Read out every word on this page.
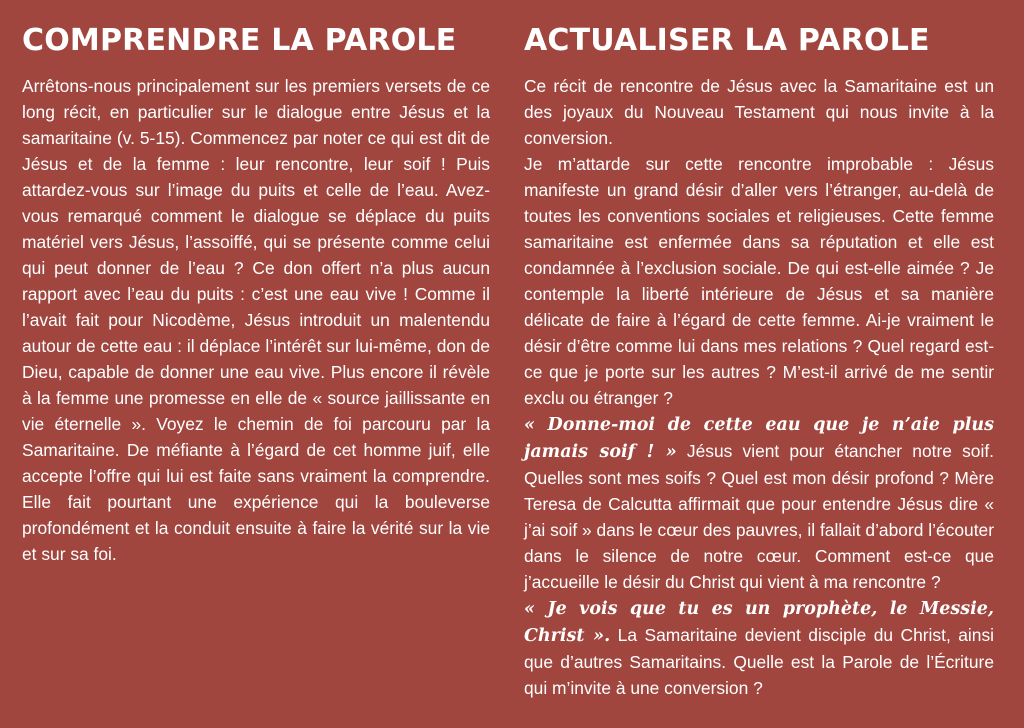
COMPRENDRE LA PAROLE

Arrêtons-nous principalement sur les premiers versets de ce long récit, en particulier sur le dialogue entre Jésus et la samaritaine (v. 5-15). Commencez par noter ce qui est dit de Jésus et de la femme : leur rencontre, leur soif ! Puis attardez-vous sur l’image du puits et celle de l’eau. Avez-vous remarqué comment le dialogue se déplace du puits matériel vers Jésus, l’assoiffé, qui se présente comme celui qui peut donner de l’eau ? Ce don offert n’a plus aucun rapport avec l’eau du puits : c’est une eau vive ! Comme il l’avait fait pour Nicodème, Jésus introduit un malentendu autour de cette eau : il déplace l’intérêt sur lui-même, don de Dieu, capable de donner une eau vive. Plus encore il révèle à la femme une promesse en elle de « source jaillissante en vie éternelle ». Voyez le chemin de foi parcouru par la Samaritaine. De méfiante à l’égard de cet homme juif, elle accepte l’offre qui lui est faite sans vraiment la comprendre. Elle fait pourtant une expérience qui la bouleverse profondément et la conduit ensuite à faire la vérité sur la vie et sur sa foi.

ACTUALISER LA PAROLE

Ce récit de rencontre de Jésus avec la Samaritaine est un des joyaux du Nouveau Testament qui nous invite à la conversion.

Je m’attarde sur cette rencontre improbable : Jésus manifeste un grand désir d’aller vers l’étranger, au-delà de toutes les conventions sociales et religieuses. Cette femme samaritaine est enfermée dans sa réputation et elle est condamnée à l’exclusion sociale. De qui est-elle aimée ? Je contemple la liberté intérieure de Jésus et sa manière délicate de faire à l’égard de cette femme. Ai-je vraiment le désir d’être comme lui dans mes relations ? Quel regard est-ce que je porte sur les autres ? M’est-il arrivé de me sentir exclu ou étranger ?

« Donne-moi de cette eau que je n’aie plus jamais soif ! » Jésus vient pour étancher notre soif. Quelles sont mes soifs ? Quel est mon désir profond ? Mère Teresa de Calcutta affirmait que pour entendre Jésus dire « j’ai soif » dans le cœur des pauvres, il fallait d’abord l’écouter dans le silence de notre cœur. Comment est-ce que j’accueille le désir du Christ qui vient à ma rencontre ?

« Je vois que tu es un prophète, le Messie, Christ ». La Samaritaine devient disciple du Christ, ainsi que d’autres Samaritains. Quelle est la Parole de l’Écriture qui m’invite à une conversion ?
